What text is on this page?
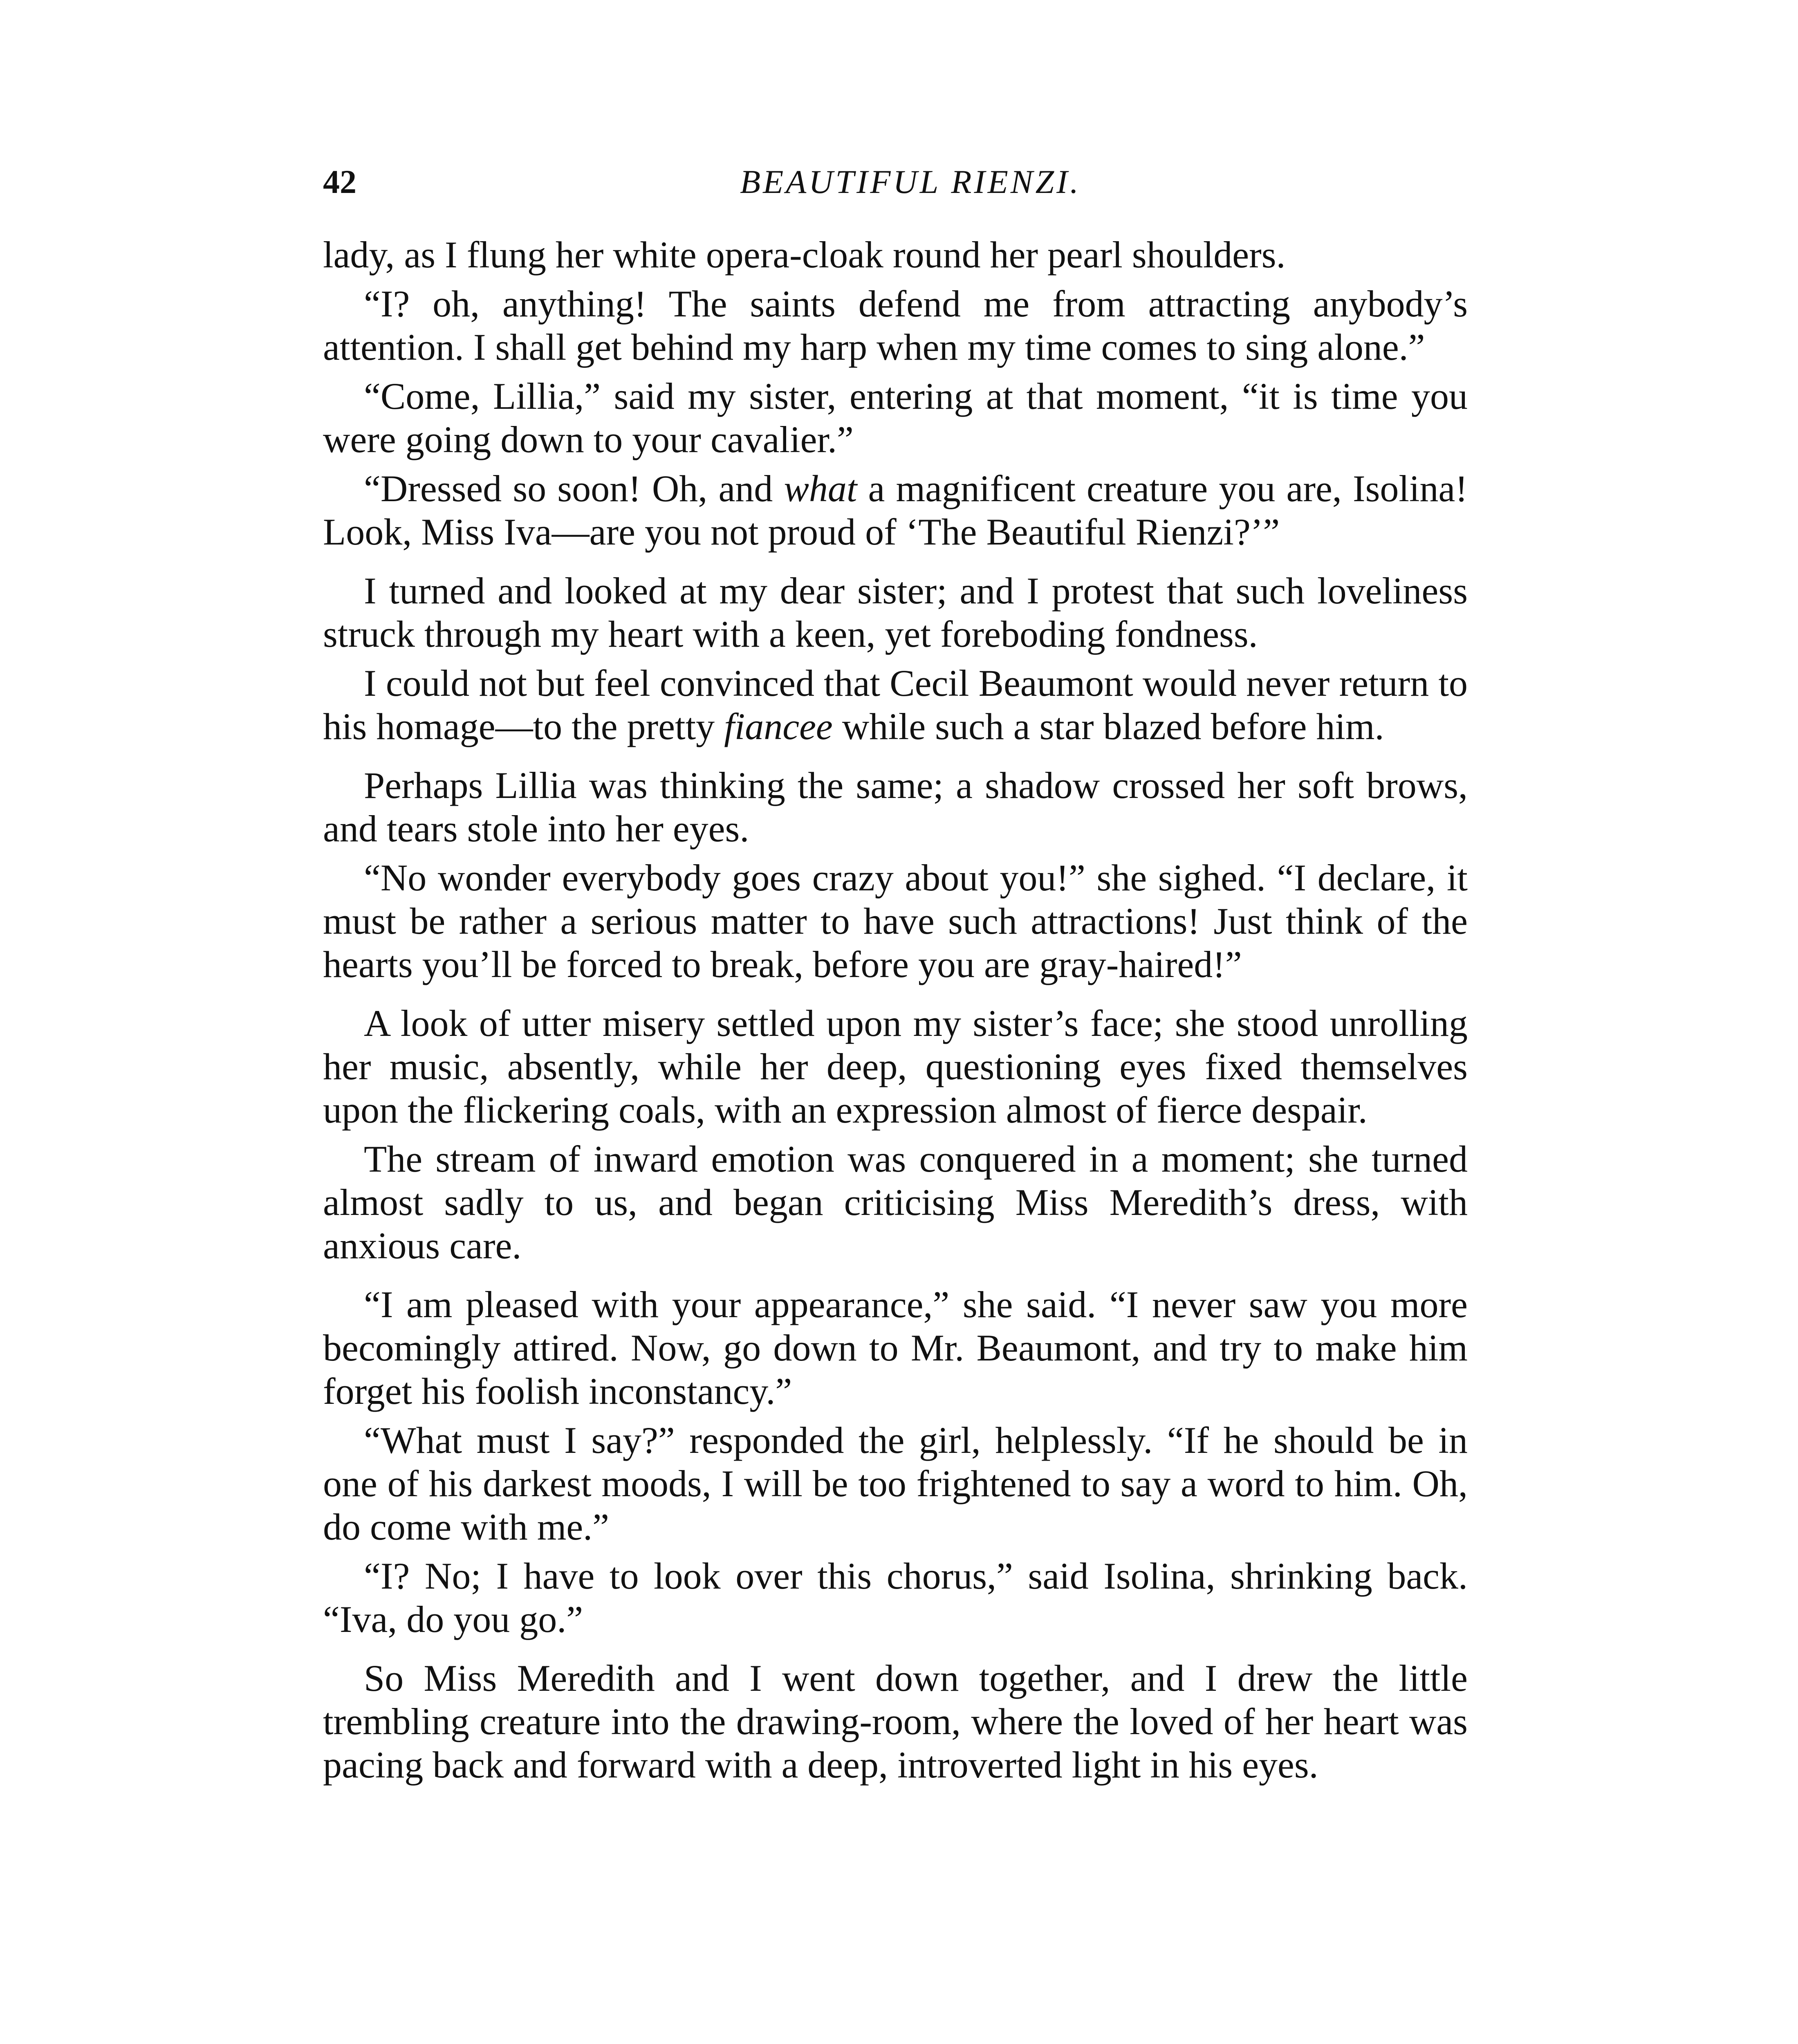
42	BEAUTIFUL RIENZI.

lady, as I flung her white opera-cloak round her pearl shoulders.

“I? oh, anything! The saints defend me from attracting anybody’s attention. I shall get behind my harp when my time comes to sing alone.”

“Come, Lillia,” said my sister, entering at that moment, “it is time you were going down to your cavalier.”

“Dressed so soon! Oh, and what a magnificent creature you are, Isolina! Look, Miss Iva—are you not proud of ‘The Beautiful Rienzi?’”

I turned and looked at my dear sister; and I protest that such loveliness struck through my heart with a keen, yet foreboding fondness.

I could not but feel convinced that Cecil Beaumont would never return to his homage—to the pretty fiancee while such a star blazed before him.

Perhaps Lillia was thinking the same; a shadow crossed her soft brows, and tears stole into her eyes.

“No wonder everybody goes crazy about you!” she sighed. “I declare, it must be rather a serious matter to have such attractions! Just think of the hearts you’ll be forced to break, before you are gray-haired!”

A look of utter misery settled upon my sister’s face; she stood unrolling her music, absently, while her deep, questioning eyes fixed themselves upon the flickering coals, with an expression almost of fierce despair.

The stream of inward emotion was conquered in a moment; she turned almost sadly to us, and began criticising Miss Meredith’s dress, with anxious care.

“I am pleased with your appearance,” she said. “I never saw you more becomingly attired. Now, go down to Mr. Beaumont, and try to make him forget his foolish inconstancy.”

“What must I say?” responded the girl, helplessly. “If he should be in one of his darkest moods, I will be too frightened to say a word to him. Oh, do come with me.”

“I? No; I have to look over this chorus,” said Isolina, shrinking back. “Iva, do you go.”

So Miss Meredith and I went down together, and I drew the little trembling creature into the drawing-room, where the loved of her heart was pacing back and forward with a deep, introverted light in his eyes.
